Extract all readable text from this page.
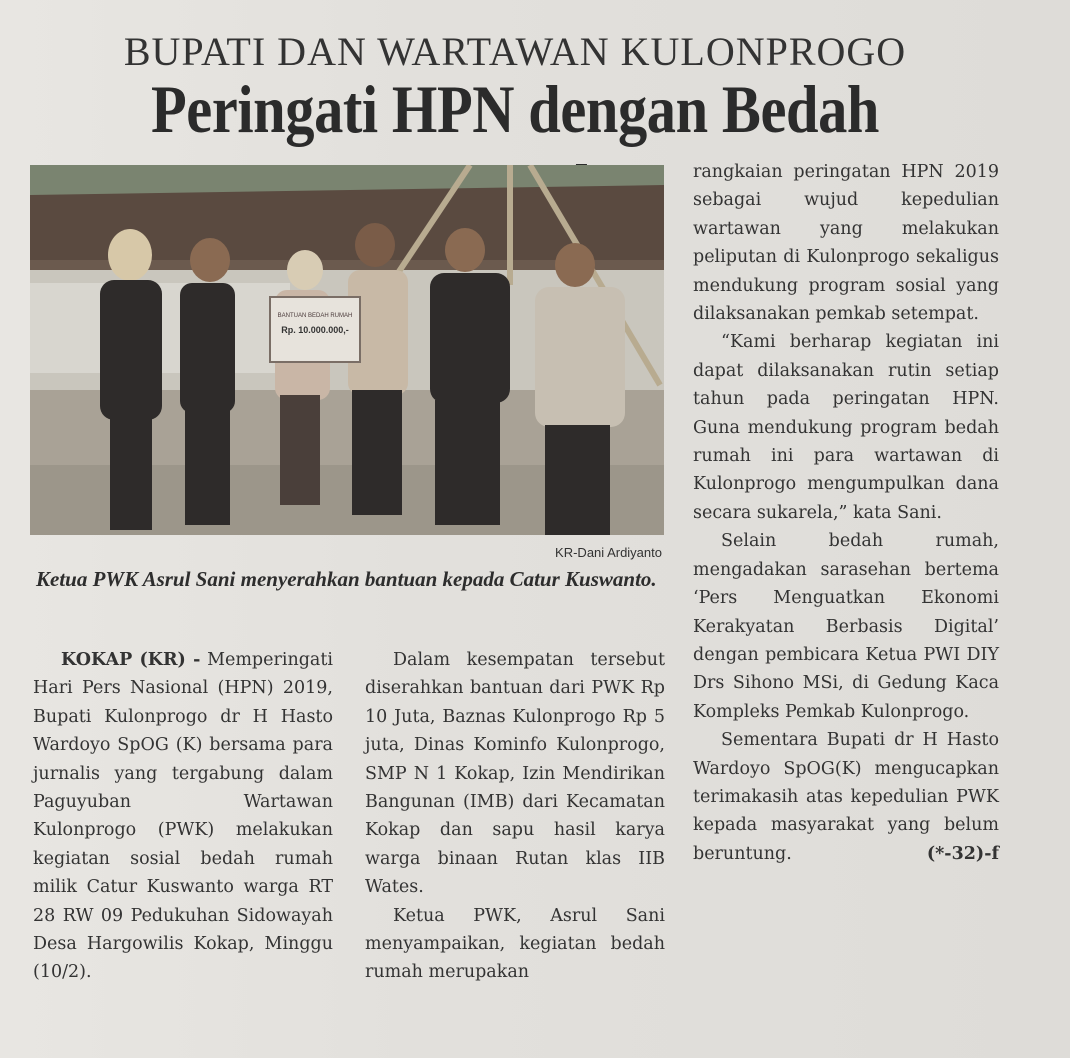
BUPATI DAN WARTAWAN KULONPROGO
Peringati HPN dengan Bedah
BANTUAN BEDAH RUMAH
Rp. 10.000.000,-
KR-Dani Ardiyanto
Ketua PWK Asrul Sani menyerahkan bantuan kepada Catur Kuswanto.

KOKAP (KR) - Memperingati Hari Pers Nasional (HPN) 2019, Bupati Kulonprogo dr H Hasto Wardoyo SpOG (K) bersama para jurnalis yang tergabung dalam Paguyuban Wartawan Kulonprogo (PWK) melakukan kegiatan sosial bedah rumah milik Catur Kuswanto warga RT 28 RW 09 Pedukuhan Sidowayah Desa Hargowilis Kokap, Minggu (10/2).

Dalam kesempatan tersebut diserahkan bantuan dari PWK Rp 10 Juta, Baznas Kulonprogo Rp 5 juta, Dinas Kominfo Kulonprogo, SMP N 1 Kokap, Izin Mendirikan Bangunan (IMB) dari Kecamatan Kokap dan sapu hasil karya warga binaan Rutan klas IIB Wates.

Ketua PWK, Asrul Sani menyampaikan, kegiatan bedah rumah merupakan

rangkaian peringatan HPN 2019 sebagai wujud kepedulian wartawan yang melakukan peliputan di Kulonprogo sekaligus mendukung program sosial yang dilaksanakan pemkab setempat.

“Kami berharap kegiatan ini dapat dilaksanakan rutin setiap tahun pada peringatan HPN. Guna mendukung program bedah rumah ini para wartawan di Kulonprogo mengumpulkan dana secara sukarela,” kata Sani.

Selain bedah rumah, mengadakan sarasehan bertema ‘Pers Menguatkan Ekonomi Kerakyatan Berbasis Digital’ dengan pembicara Ketua PWI DIY Drs Sihono MSi, di Gedung Kaca Kompleks Pemkab Kulonprogo.

Sementara Bupati dr H Hasto Wardoyo SpOG(K) mengucapkan terimakasih atas kepedulian PWK kepada masyarakat yang belum beruntung.	(*-32)-f
